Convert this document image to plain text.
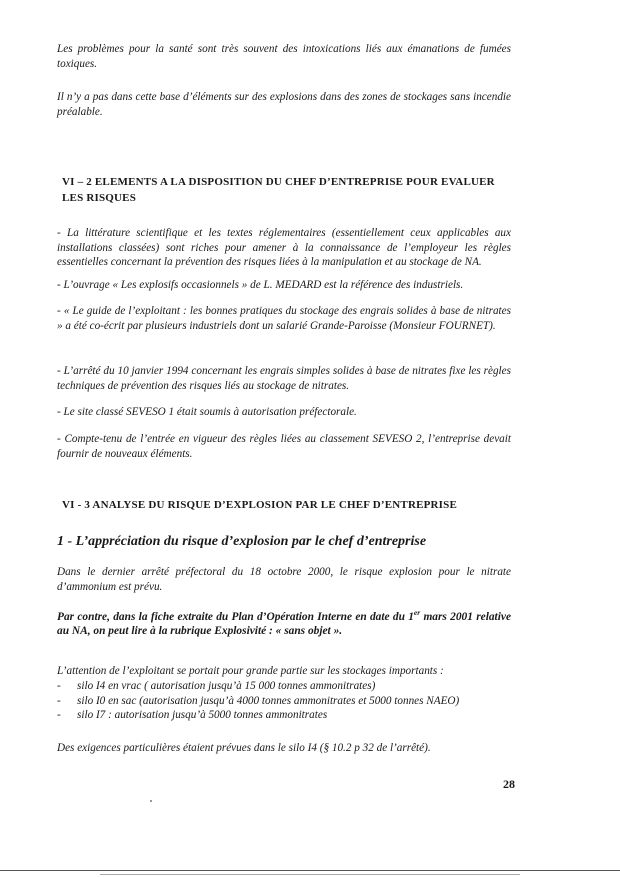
Les problèmes pour la santé sont très souvent des intoxications liés aux émanations de fumées toxiques.

Il n’y a pas dans cette base d’éléments sur des explosions dans des zones de stockages sans incendie préalable.

VI – 2 ELEMENTS A LA DISPOSITION DU CHEF D’ENTREPRISE POUR EVALUER LES RISQUES

- La littérature scientifique et les textes réglementaires (essentiellement ceux applicables aux installations classées) sont riches pour amener à la connaissance de l’employeur les règles essentielles concernant la prévention des risques liées à la manipulation et au stockage de NA.

- L’ouvrage « Les explosifs occasionnels » de L. MEDARD est la référence des industriels.

- « Le guide de l’exploitant : les bonnes pratiques du stockage des engrais solides à base de nitrates » a été co-écrit par plusieurs industriels dont un salarié Grande-Paroisse (Monsieur FOURNET).

- L’arrêté du 10 janvier 1994 concernant les engrais simples solides à base de nitrates fixe les règles techniques de prévention des risques liés au stockage de nitrates.

- Le site classé SEVESO 1 était soumis à autorisation préfectorale.

- Compte-tenu de l’entrée en vigueur des règles liées au classement SEVESO 2, l’entreprise devait fournir de nouveaux éléments.

VI - 3 ANALYSE DU RISQUE D’EXPLOSION PAR LE CHEF D’ENTREPRISE

1 - L’appréciation du risque d’explosion par le chef d’entreprise

Dans le dernier arrêté préfectoral du 18 octobre 2000, le risque explosion pour le nitrate d’ammonium est prévu.

Par contre, dans la fiche extraite du Plan d’Opération Interne en date du 1er mars 2001 relative au NA, on peut lire à la rubrique Explosivité : « sans objet ».

L’attention de l’exploitant se portait pour grande partie sur les stockages importants :

- silo I4 en vrac ( autorisation jusqu’à 15 000 tonnes ammonitrates)
- silo I0 en sac (autorisation jusqu’à 4000 tonnes ammonitrates et 5000 tonnes NAEO)
- silo I7 : autorisation jusqu’à 5000 tonnes ammonitrates

Des exigences particulières étaient prévues dans le silo I4 (§ 10.2 p 32 de l’arrêté).

28
